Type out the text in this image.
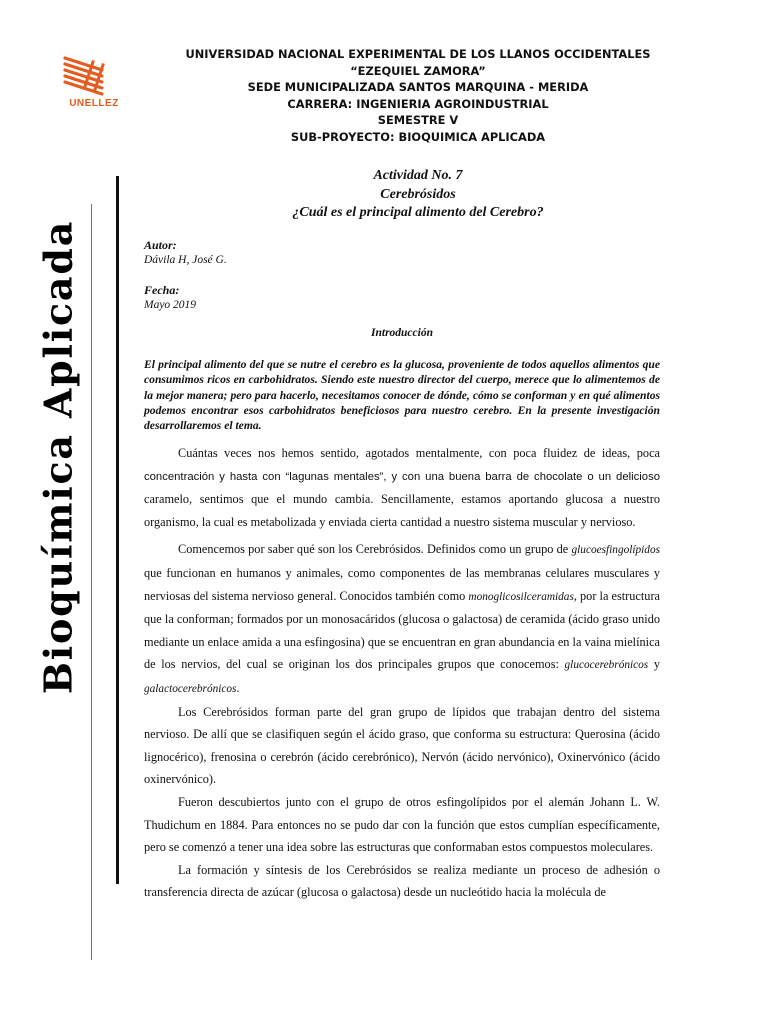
UNELLEZ
UNIVERSIDAD NACIONAL EXPERIMENTAL DE LOS LLANOS OCCIDENTALES
“EZEQUIEL ZAMORA”
SEDE MUNICIPALIZADA SANTOS MARQUINA - MERIDA
CARRERA: INGENIERIA AGROINDUSTRIAL
SEMESTRE V
SUB-PROYECTO: BIOQUIMICA APLICADA
Actividad No. 7
Cerebrósidos
¿Cuál es el principal alimento del Cerebro?
Bioquímica Aplicada	Autor:
Dávila H, José G.
Fecha:
Mayo 2019
Introducción

El principal alimento del que se nutre el cerebro es la glucosa, proveniente de todos aquellos alimentos que consumimos ricos en carbohidratos. Siendo este nuestro director del cuerpo, merece que lo alimentemos de la mejor manera; pero para hacerlo, necesitamos conocer de dónde, cómo se conforman y en qué alimentos podemos encontrar esos carbohidratos beneficiosos para nuestro cerebro. En la presente investigación desarrollaremos el tema.

Cuántas veces nos hemos sentido, agotados mentalmente, con poca fluidez de ideas, poca concentración y hasta con “lagunas mentales”, y con una buena barra de chocolate o un delicioso caramelo, sentimos que el mundo cambia. Sencillamente, estamos aportando glucosa a nuestro organismo, la cual es metabolizada y enviada cierta cantidad a nuestro sistema muscular y nervioso.

Comencemos por saber qué son los Cerebrósidos. Definidos como un grupo de glucoesfingolípidos que funcionan en humanos y animales, como componentes de las membranas celulares musculares y nerviosas del sistema nervioso general. Conocidos también como monoglicosilceramidas, por la estructura que la conforman; formados por un monosacáridos (glucosa o galactosa) de ceramida (ácido graso unido mediante un enlace amida a una esfingosina) que se encuentran en gran abundancia en la vaina mielínica de los nervios, del cual se originan los dos principales grupos que conocemos: glucocerebrónicos y galactocerebrónicos.

Los Cerebrósidos forman parte del gran grupo de lípidos que trabajan dentro del sistema nervioso. De allí que se clasifiquen según el ácido graso, que conforma su estructura: Querosina (ácido lignocérico), frenosina o cerebrón (ácido cerebrónico), Nervón (ácido nervónico), Oxinervónico (ácido oxinervónico).

Fueron descubiertos junto con el grupo de otros esfingolípidos por el alemán Johann L. W. Thudichum en 1884. Para entonces no se pudo dar con la función que estos cumplían específicamente, pero se comenzó a tener una idea sobre las estructuras que conformaban estos compuestos moleculares.

La formación y síntesis de los Cerebrósidos se realiza mediante un proceso de adhesión o transferencia directa de azúcar (glucosa o galactosa) desde un nucleótido hacia la molécula de
